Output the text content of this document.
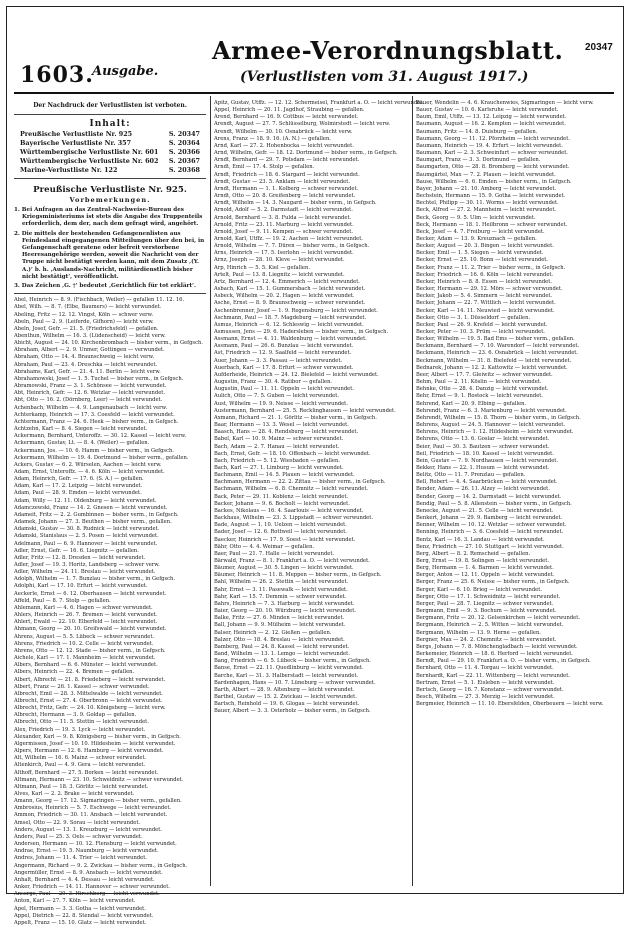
1603.
Ausgabe.
Armee-Verordnungsblatt.
(Verlustlisten vom 31. August 1917.)
20347
Der Nachdruck der Verlustlisten ist verboten.
Inhalt:
Preußische Verlustliste Nr. 925	S. 20347
Bayerische Verlustliste Nr. 357	S. 20364
Württembergische Verlustliste Nr. 601 S. 20366
Württembergische Verlustliste Nr. 602 S. 20367
Marine-Verlustliste Nr. 122	S. 20368
Preußische Verlustliste Nr. 925.
Vorbemerkungen.
1. Bei Anfragen an das Zentral-Nachweise-Bureau des Kriegsministeriums ist stets die Angabe des Truppenteils erforderlich, dem der, nach dem gefragt wird, angehört.
2. Die mittels der bestehenden Gefangenenlisten aus Feindesland eingegangenen Mitteilungen über den bei, in Gefangenschaft geratene oder befreit verstorbene Heeresangehörige werden, soweit die Nachricht von der Truppe nicht bestätigt werden kann, mit dem Zusatz ‚(Y. A.)‘ b. h. ‚Auslands-Nachricht, militärdienstlich bisher nicht bestätigt‘, veröffentlicht.
3. Das Zeichen ‚G. †‘ bedeutet ‚Gerichtlich für tot erklärt‘.
Abel, Heinrich — 8. 9. (Fischbach, Weiler) — gefallen 11. 12. 16.
Abel, Wilh. — 8. 7. (Elbe, Baumers) — leicht verwundet.
Abeling, Fritz — 12. 12. Vingst, Köln — schwer verw.
Abeln, Paul — 2. 9. (Leiferde, Gifhorn) — leicht verw.
Abeln, Josef, Gefr. — 21. 5. (Friedrichsfeld) — gefallen.
Abenthun, Wilhelm — 16. 3. (Lüdenscheid) — leicht verw.
Abicht, August — 24. 10. Kirchenbrombach — bisher verm., in Gefgsch.
Abraham, Albert — 2. 9. Unmer, Gottingen — verwundet.
Abraham, Otto — 14. 4. Braunschweig — leicht verw.
Abraham, Paul — 23. 4. Dreschka — leicht verwundet.
Abrahams, Karl, Gefr. — 21. 4. 11. Berlin — leicht verw.
Abrahamowski, Josef — 1. 5. Tuchel — bisher verm., in Gefgsch.
Abramowski, Franz — 3. 1. Schönsee — leicht verwundet.
Abt, Heinrich, Gefr. — 12. 6. Wetzlar — leicht verwundet.
Abt, Otto — 16. 2. (Dörnberg, Leer) — leicht verwundet.
Achenbach, Wilhelm — 4. 9. Langenaubach — leicht verw.
Achterkamp, Heinrich — 17. 3. Coesfeld — leicht verwundet.
Achtermann, Franz — 24. 6. Heek — bisher verm., in Gefgsch.
Achtzehn, Karl — 8. 4. Siegen — leicht verwundet.
Ackermann, Bernhard, Unteroffz. — 30. 12. Kassel — leicht verw.
Ackermann, Gustav, Lt. — 8. 4. (Weiler) — gefallen.
Ackermann, Jos. — 10. 6. Hamm — bisher verm., in Gefgsch.
Ackermann, Wilhelm — 19. 4. Dortmund — bisher verm., gefallen.
Ackers, Gustav — 6. 2. Würselen, Aachen — leicht verw.
Adam, Ernst, Unteroffz. — 4. 6. Köln — leicht verwundet.
Adam, Heinrich, Gefr. — 17. 6. (S. A.) — gefallen.
Adam, Karl — 17. 2. Leipzig — leicht verwundet.
Adam, Paul — 28. 9. Emden — leicht verwundet.
Adam, Willy — 12. 11. Oldenburg — leicht verwundet.
Adamczewski, Franz — 14. 2. Gnesen — leicht verwundet.
Adameit, Fritz — 2. 2. Gumbinnen — bisher verm., in Gefgsch.
Adamek, Johann — 27. 3. Beuthen — bisher verm., gefallen.
Adamski, Gustav — 30. 8. Rudnick — leicht verwundet.
Adamski, Stanislaus — 2. 5. Posen — leicht verwundet.
Adelmann, Paul — 6. 9. Hannover — leicht verwundet.
Adler, Ernst, Gefr. — 16. 6. Liegnitz — gefallen.
Adler, Fritz — 12. 8. Dresden — leicht verwundet.
Adler, Josef — 19. 3. Horitz, Landsberg — schwer verw.
Adler, Wilhelm — 24. 11. Breslau — leicht verwundet.
Adolph, Wilhelm — 1. 7. Bunzlau — bisher verm., in Gefgsch.
Adolphi, Karl — 17. 10. Erfurt — leicht verwundet.
Aeckerle, Ernst — 6. 12. Oberhausen — leicht verwundet.
Affeld, Paul — 8. 7. Stolp — gefallen.
Ahlemann, Karl — 4. 6. Hagen — schwer verwundet.
Ahlers, Heinrich — 26. 7. Bremen — leicht verwundet.
Ahlert, Ewald — 22. 10. Elberfeld — leicht verwundet.
Ahmann, Georg — 20. 10. Greifswald — leicht verwundet.
Ahrens, August — 5. 5. Lübeck — schwer verwundet.
Ahrens, Friedrich — 10. 2. Celle — leicht verwundet.
Ahrens, Otto — 12. 12. Stade — bisher verm., in Gefgsch.
Aichele, Karl — 17. 1. Mannheim — leicht verwundet.
Albers, Bernhard — 6. 6. Münster — leicht verwundet.
Albers, Heinrich — 22. 4. Bremen — gefallen.
Albert, Albrecht — 21. 8. Friedeberg — leicht verwundet.
Albert, Franz — 26. 1. Kassel — schwer verwundet.
Albrecht, Emil — 28. 3. Mittelwalde — leicht verwundet.
Albrecht, Ernst — 27. 4. Oberbronn — leicht verwundet.
Albrecht, Fritz, Gefr. — 24. 10. Königsberg — leicht verw.
Albrecht, Hermann — 3. 9. Goldap — gefallen.
Albrecht, Otto — 11. 5. Stettin — leicht verwundet.
Alex, Friedrich — 19. 3. Lyck — leicht verwundet.
Alexander, Karl — 9. 8. Königsberg — bisher verm., in Gefgsch.
Algermissen, Josef — 10. 10. Hildesheim — leicht verwundet.
Alpers, Hermann — 12. 6. Hamburg — leicht verwundet.
Alt, Wilhelm — 16. 6. Mainz — schwer verwundet.
Altenkirch, Paul — 4. 9. Gera — leicht verwundet.
Althoff, Bernhard — 27. 5. Borken — leicht verwundet.
Altmann, Hermann — 23. 10. Schweidnitz — schwer verwundet.
Altmann, Paul — 18. 3. Görlitz — leicht verwundet.
Alves, Karl — 2. 2. Brake — leicht verwundet.
Amann, Georg — 17. 12. Sigmaringen — bisher verm., gefallen.
Ambrosius, Heinrich — 5. 7. Eschwege — leicht verwundet.
Ammon, Friedrich — 30. 11. Ansbach — leicht verwundet.
Amsel, Otto — 22. 9. Sorau — leicht verwundet.
Anders, August — 13. 1. Kreuzburg — leicht verwundet.
Anders, Paul — 25. 3. Oels — schwer verwundet.
Andersen, Hermann — 10. 12. Flensburg — leicht verwundet.
Andrae, Ernst — 19. 5. Naumburg — leicht verwundet.
Andres, Johann — 11. 4. Trier — leicht verwundet.
Angermann, Richard — 9. 2. Zwickau — bisher verm., in Gefgsch.
Angermüller, Ernst — 8. 9. Ansbach — leicht verwundet.
Anhalt, Bernhard — 4. 4. Dessau — leicht verwundet.
Anker, Friedrich — 14. 11. Hannover — schwer verwundet.
Ansorge, Paul — 20. 3. Hirschberg — leicht verwundet.
Anton, Karl — 27. 7. Köln — leicht verwundet.
Apel, Hermann — 3. 3. Gotha — leicht verwundet.
Appel, Dietrich — 22. 8. Stendal — leicht verwundet.
Appelt, Franz — 15. 10. Glatz — leicht verwundet.
Apitz, Gustav, Utffz. — 12. 12. Schermeisel, Frankfurt a. O. — leicht verwundet.
Appel, Heinrich — 20. 11. Jagdhof, Straubing — gefallen.
Arend, Bernhard — 16. 9. Cottbus — leicht verwundet.
Arendt, August — 27. 7. Schlüsselburg, Wolmirstedt — leicht verw.
Arendt, Wilhelm — 30. 10. Osnabrück — leicht verw.
Arens, Franz — 18. 9. 16. (A. N.) — gefallen.
Arnd, Karl — 27. 2. Hohenbocka — leicht verwundet.
Arnd, Wilhelm, Gefr. — 18. 12. Dortmund — bisher verm., in Gefgsch.
Arndt, Bernhard — 29. 7. Potsdam — leicht verwundet.
Arndt, Emil — 17. 4. Stolp — gefallen.
Arndt, Friedrich — 18. 6. Stargard — leicht verwundet.
Arndt, Gustav — 23. 5. Anklam — leicht verwundet.
Arndt, Hermann — 1. 1. Kolberg — schwer verwundet.
Arndt, Otto — 20. 8. Greifenberg — leicht verwundet.
Arndt, Wilhelm — 14. 3. Naugard — bisher verm., in Gefgsch.
Arnold, Adolf — 5. 2. Darmstadt — leicht verwundet.
Arnold, Bernhard — 3. 8. Fulda — leicht verwundet.
Arnold, Fritz — 23. 11. Marburg — leicht verwundet.
Arnold, Josef — 9. 11. Kempen — schwer verwundet.
Arnold, Karl, Utffz. — 19. 2. Aachen — leicht verwundet.
Arnold, Wilhelm — 7. 7. Düren — bisher verm., in Gefgsch.
Arns, Heinrich — 17. 5. Iserlohn — leicht verwundet.
Arnz, Joseph — 28. 10. Kleve — leicht verwundet.
Arp, Hinrich — 5. 5. Kiel — gefallen.
Artelt, Paul — 13. 8. Liegnitz — leicht verwundet.
Artz, Bernhard — 12. 4. Emmerich — leicht verwundet.
Asbach, Karl — 15. 1. Gummersbach — leicht verwundet.
Asbeck, Wilhelm — 20. 2. Hagen — leicht verwundet.
Asche, Ernst — 8. 9. Braunschweig — schwer verwundet.
Aschenbrenner, Josef — 1. 9. Regensburg — leicht verwundet.
Aschmann, Paul — 18. 7. Magdeburg — leicht verwundet.
Asmus, Heinrich — 6. 12. Schleswig — leicht verwundet.
Asmussen, Jens — 29. 6. Hadersleben — bisher verm., in Gefgsch.
Assmann, Ernst — 4. 11. Waldenburg — leicht verwundet.
Assmann, Paul — 26. 6. Bunzlau — leicht verwundet.
Ast, Friedrich — 12. 9. Saalfeld — leicht verwundet.
Auer, Johann — 3. 3. Passau — leicht verwundet.
Auerbach, Karl — 17. 8. Erfurt — schwer verwundet.
Aufderheide, Heinrich — 24. 12. Bielefeld — leicht verwundet.
Augustin, Franz — 30. 4. Ratibor — gefallen.
Augustin, Paul — 11. 11. Oppeln — leicht verwundet.
Aulich, Otto — 7. 5. Guben — leicht verwundet.
Aust, Wilhelm — 19. 9. Neisse — leicht verwundet.
Austermann, Bernhard — 25. 5. Recklinghausen — leicht verwundet.
Axmann, Richard — 21. 1. Görlitz — bisher verm., in Gefgsch.
Baar, Hermann — 13. 3. Wesel — leicht verwundet.
Baasch, Hans — 28. 4. Rendsburg — leicht verwundet.
Babel, Karl — 10. 9. Mainz — schwer verwundet.
Bach, Adam — 2. 7. Hanau — leicht verwundet.
Bach, Ernst, Gefr. — 18. 10. Offenbach — leicht verwundet.
Bach, Friedrich — 5. 12. Wiesbaden — gefallen.
Bach, Karl — 27. 1. Limburg — leicht verwundet.
Bachmann, Emil — 14. 5. Plauen — leicht verwundet.
Bachmann, Hermann — 22. 2. Zittau — bisher verm., in Gefgsch.
Bachmann, Wilhelm — 6. 8. Chemnitz — leicht verwundet.
Back, Peter — 29. 11. Koblenz — leicht verwundet.
Backer, Johann — 9. 6. Bocholt — leicht verwundet.
Backes, Nikolaus — 16. 4. Saarlouis — leicht verwundet.
Backhaus, Wilhelm — 23. 3. Lippstadt — schwer verwundet.
Bade, August — 1. 10. Uelzen — leicht verwundet.
Bader, Josef — 12. 6. Rottweil — leicht verwundet.
Baecker, Heinrich — 17. 9. Soest — leicht verwundet.
Bähr, Otto — 4. 4. Weimar — gefallen.
Baer, Paul — 21. 7. Halle — leicht verwundet.
Bärwald, Franz — 8. 1. Frankfurt a. O. — leicht verwundet.
Bäumer, August — 30. 5. Lingen — leicht verwundet.
Bäumer, Heinrich — 11. 8. Meppen — bisher verm., in Gefgsch.
Bahl, Wilhelm — 26. 2. Stettin — leicht verwundet.
Bahr, Ernst — 3. 11. Pasewalk — leicht verwundet.
Bahr, Karl — 15. 7. Demmin — schwer verwundet.
Bahrs, Heinrich — 7. 3. Harburg — leicht verwundet.
Baier, Georg — 20. 10. Würzburg — leicht verwundet.
Balke, Fritz — 27. 6. Minden — leicht verwundet.
Ball, Johann — 9. 9. Mülheim — leicht verwundet.
Balser, Heinrich — 2. 12. Gießen — gefallen.
Balzer, Otto — 18. 4. Breslau — leicht verwundet.
Bamberg, Paul — 24. 8. Kassel — leicht verwundet.
Band, Wilhelm — 13. 1. Lemgo — leicht verwundet.
Bang, Friedrich — 6. 5. Lübeck — bisher verm., in Gefgsch.
Banse, Ernst — 22. 11. Quedlinburg — leicht verwundet.
Barche, Karl — 31. 3. Halberstadt — leicht verwundet.
Bardenhagen, Hans — 10. 7. Lüneburg — schwer verwundet.
Barth, Albert — 28. 9. Altenburg — leicht verwundet.
Barthel, Gustav — 15. 2. Zwickau — leicht verwundet.
Bartsch, Reinhold — 19. 6. Glogau — leicht verwundet.
Bauer, Albert — 3. 3. Osterholz — bisher verm., in Gefgsch.
Bauer, Wendelin — 4. 6. Krauchenwies, Sigmaringen — leicht verw.
Bauer, Gustav — 10. 6. Karlsruhe — leicht verwundet.
Baum, Emil, Utffz. — 13. 12. Leipzig — leicht verwundet.
Baumann, August — 16. 2. Kempten — leicht verwundet.
Baumann, Fritz — 14. 8. Duisburg — gefallen.
Baumann, Georg — 11. 12. Pforzheim — leicht verwundet.
Baumann, Heinrich — 19. 4. Erfurt — leicht verwundet.
Baumann, Karl — 2. 3. Schweinfurt — schwer verwundet.
Baumgart, Franz — 3. 3. Dortmund — gefallen.
Baumgarten, Otto — 28. 8. Bromberg — leicht verwundet.
Baumgärtel, Max — 7. 2. Plauen — leicht verwundet.
Bause, Wilhelm — 6. 6. Emden — bisher verm., in Gefgsch.
Bayer, Johann — 21. 10. Amberg — leicht verwundet.
Bechstein, Hermann — 15. 9. Gotha — leicht verwundet.
Bechtel, Philipp — 30. 11. Worms — leicht verwundet.
Beck, Alfred — 27. 2. Mannheim — leicht verwundet.
Beck, Georg — 9. 5. Ulm — leicht verwundet.
Beck, Hermann — 18. 1. Heilbronn — schwer verwundet.
Beck, Josef — 4. 7. Freiburg — leicht verwundet.
Becker, Adam — 13. 9. Kreuznach — gefallen.
Becker, August — 20. 3. Bingen — leicht verwundet.
Becker, Emil — 1. 5. Siegen — leicht verwundet.
Becker, Ernst — 25. 10. Bonn — leicht verwundet.
Becker, Franz — 11. 2. Trier — bisher verm., in Gefgsch.
Becker, Friedrich — 16. 6. Köln — leicht verwundet.
Becker, Heinrich — 8. 8. Essen — leicht verwundet.
Becker, Hermann — 29. 12. Mörs — schwer verwundet.
Becker, Jakob — 5. 4. Simmern — leicht verwundet.
Becker, Johann — 22. 7. Wittlich — leicht verwundet.
Becker, Karl — 14. 11. Neuwied — leicht verwundet.
Becker, Otto — 3. 1. Düsseldorf — gefallen.
Becker, Paul — 26. 9. Krefeld — leicht verwundet.
Becker, Peter — 10. 3. Prüm — leicht verwundet.
Becker, Wilhelm — 19. 5. Bad Ems — bisher verm., gefallen.
Beckmann, Bernhard — 7. 10. Warendorf — leicht verwundet.
Beckmann, Heinrich — 23. 6. Osnabrück — leicht verwundet.
Beckmann, Wilhelm — 31. 8. Bielefeld — leicht verwundet.
Bednarek, Johann — 12. 2. Kattowitz — leicht verwundet.
Beer, Albert — 17. 7. Gleiwitz — schwer verwundet.
Behm, Paul — 2. 11. Köslin — leicht verwundet.
Behnke, Otto — 28. 4. Danzig — leicht verwundet.
Behr, Ernst — 9. 1. Rostock — leicht verwundet.
Behrend, Karl — 20. 9. Elbing — gefallen.
Behrendt, Franz — 6. 3. Marienburg — leicht verwundet.
Behrendt, Wilhelm — 15. 8. Thorn — bisher verm., in Gefgsch.
Behrens, August — 24. 5. Hannover — leicht verwundet.
Behrens, Heinrich — 1. 12. Hildesheim — leicht verwundet.
Behrens, Otto — 13. 6. Goslar — leicht verwundet.
Beier, Paul — 30. 3. Bautzen — schwer verwundet.
Beil, Friedrich — 18. 10. Kassel — leicht verwundet.
Bein, Gustav — 7. 9. Nordhausen — leicht verwundet.
Bekker, Hans — 22. 1. Husum — leicht verwundet.
Belitz, Otto — 11. 7. Prenzlau — gefallen.
Bell, Robert — 4. 4. Saarbrücken — leicht verwundet.
Bender, Adam — 26. 11. Alzey — leicht verwundet.
Bender, Georg — 14. 2. Darmstadt — leicht verwundet.
Bendig, Paul — 5. 8. Allenstein — bisher verm., in Gefgsch.
Benecke, August — 21. 5. Celle — leicht verwundet.
Benkert, Johann — 29. 9. Bamberg — leicht verwundet.
Benner, Wilhelm — 10. 12. Wetzlar — schwer verwundet.
Benning, Heinrich — 3. 6. Coesfeld — leicht verwundet.
Bentz, Karl — 16. 3. Landau — leicht verwundet.
Benz, Friedrich — 27. 10. Stuttgart — leicht verwundet.
Berg, Albert — 8. 2. Remscheid — gefallen.
Berg, Ernst — 19. 8. Solingen — leicht verwundet.
Berg, Hermann — 1. 4. Barmen — leicht verwundet.
Berger, Anton — 12. 11. Oppeln — leicht verwundet.
Berger, Franz — 25. 6. Neisse — bisher verm., in Gefgsch.
Berger, Karl — 6. 10. Brieg — leicht verwundet.
Berger, Otto — 17. 1. Schweidnitz — leicht verwundet.
Berger, Paul — 28. 7. Liegnitz — schwer verwundet.
Bergmann, Emil — 9. 3. Bochum — leicht verwundet.
Bergmann, Fritz — 20. 12. Gelsenkirchen — leicht verwundet.
Bergmann, Heinrich — 2. 5. Witten — leicht verwundet.
Bergmann, Wilhelm — 13. 9. Herne — gefallen.
Bergner, Max — 24. 2. Chemnitz — leicht verwundet.
Bergs, Johann — 7. 8. Mönchengladbach — leicht verwundet.
Berkemeier, Heinrich — 18. 6. Herford — leicht verwundet.
Berndt, Paul — 29. 10. Frankfurt a. O. — bisher verm., in Gefgsch.
Bernhard, Otto — 11. 4. Torgau — leicht verwundet.
Bernhardt, Karl — 22. 11. Wittenberg — leicht verwundet.
Bertram, Ernst — 5. 1. Eisleben — leicht verwundet.
Bertsch, Georg — 16. 7. Konstanz — schwer verwundet.
Besch, Wilhelm — 27. 3. Merzig — leicht verwundet.
Bergmeier, Heinrich — 11. 10. Ebersfelden, Oberbeuern — leicht verw.
